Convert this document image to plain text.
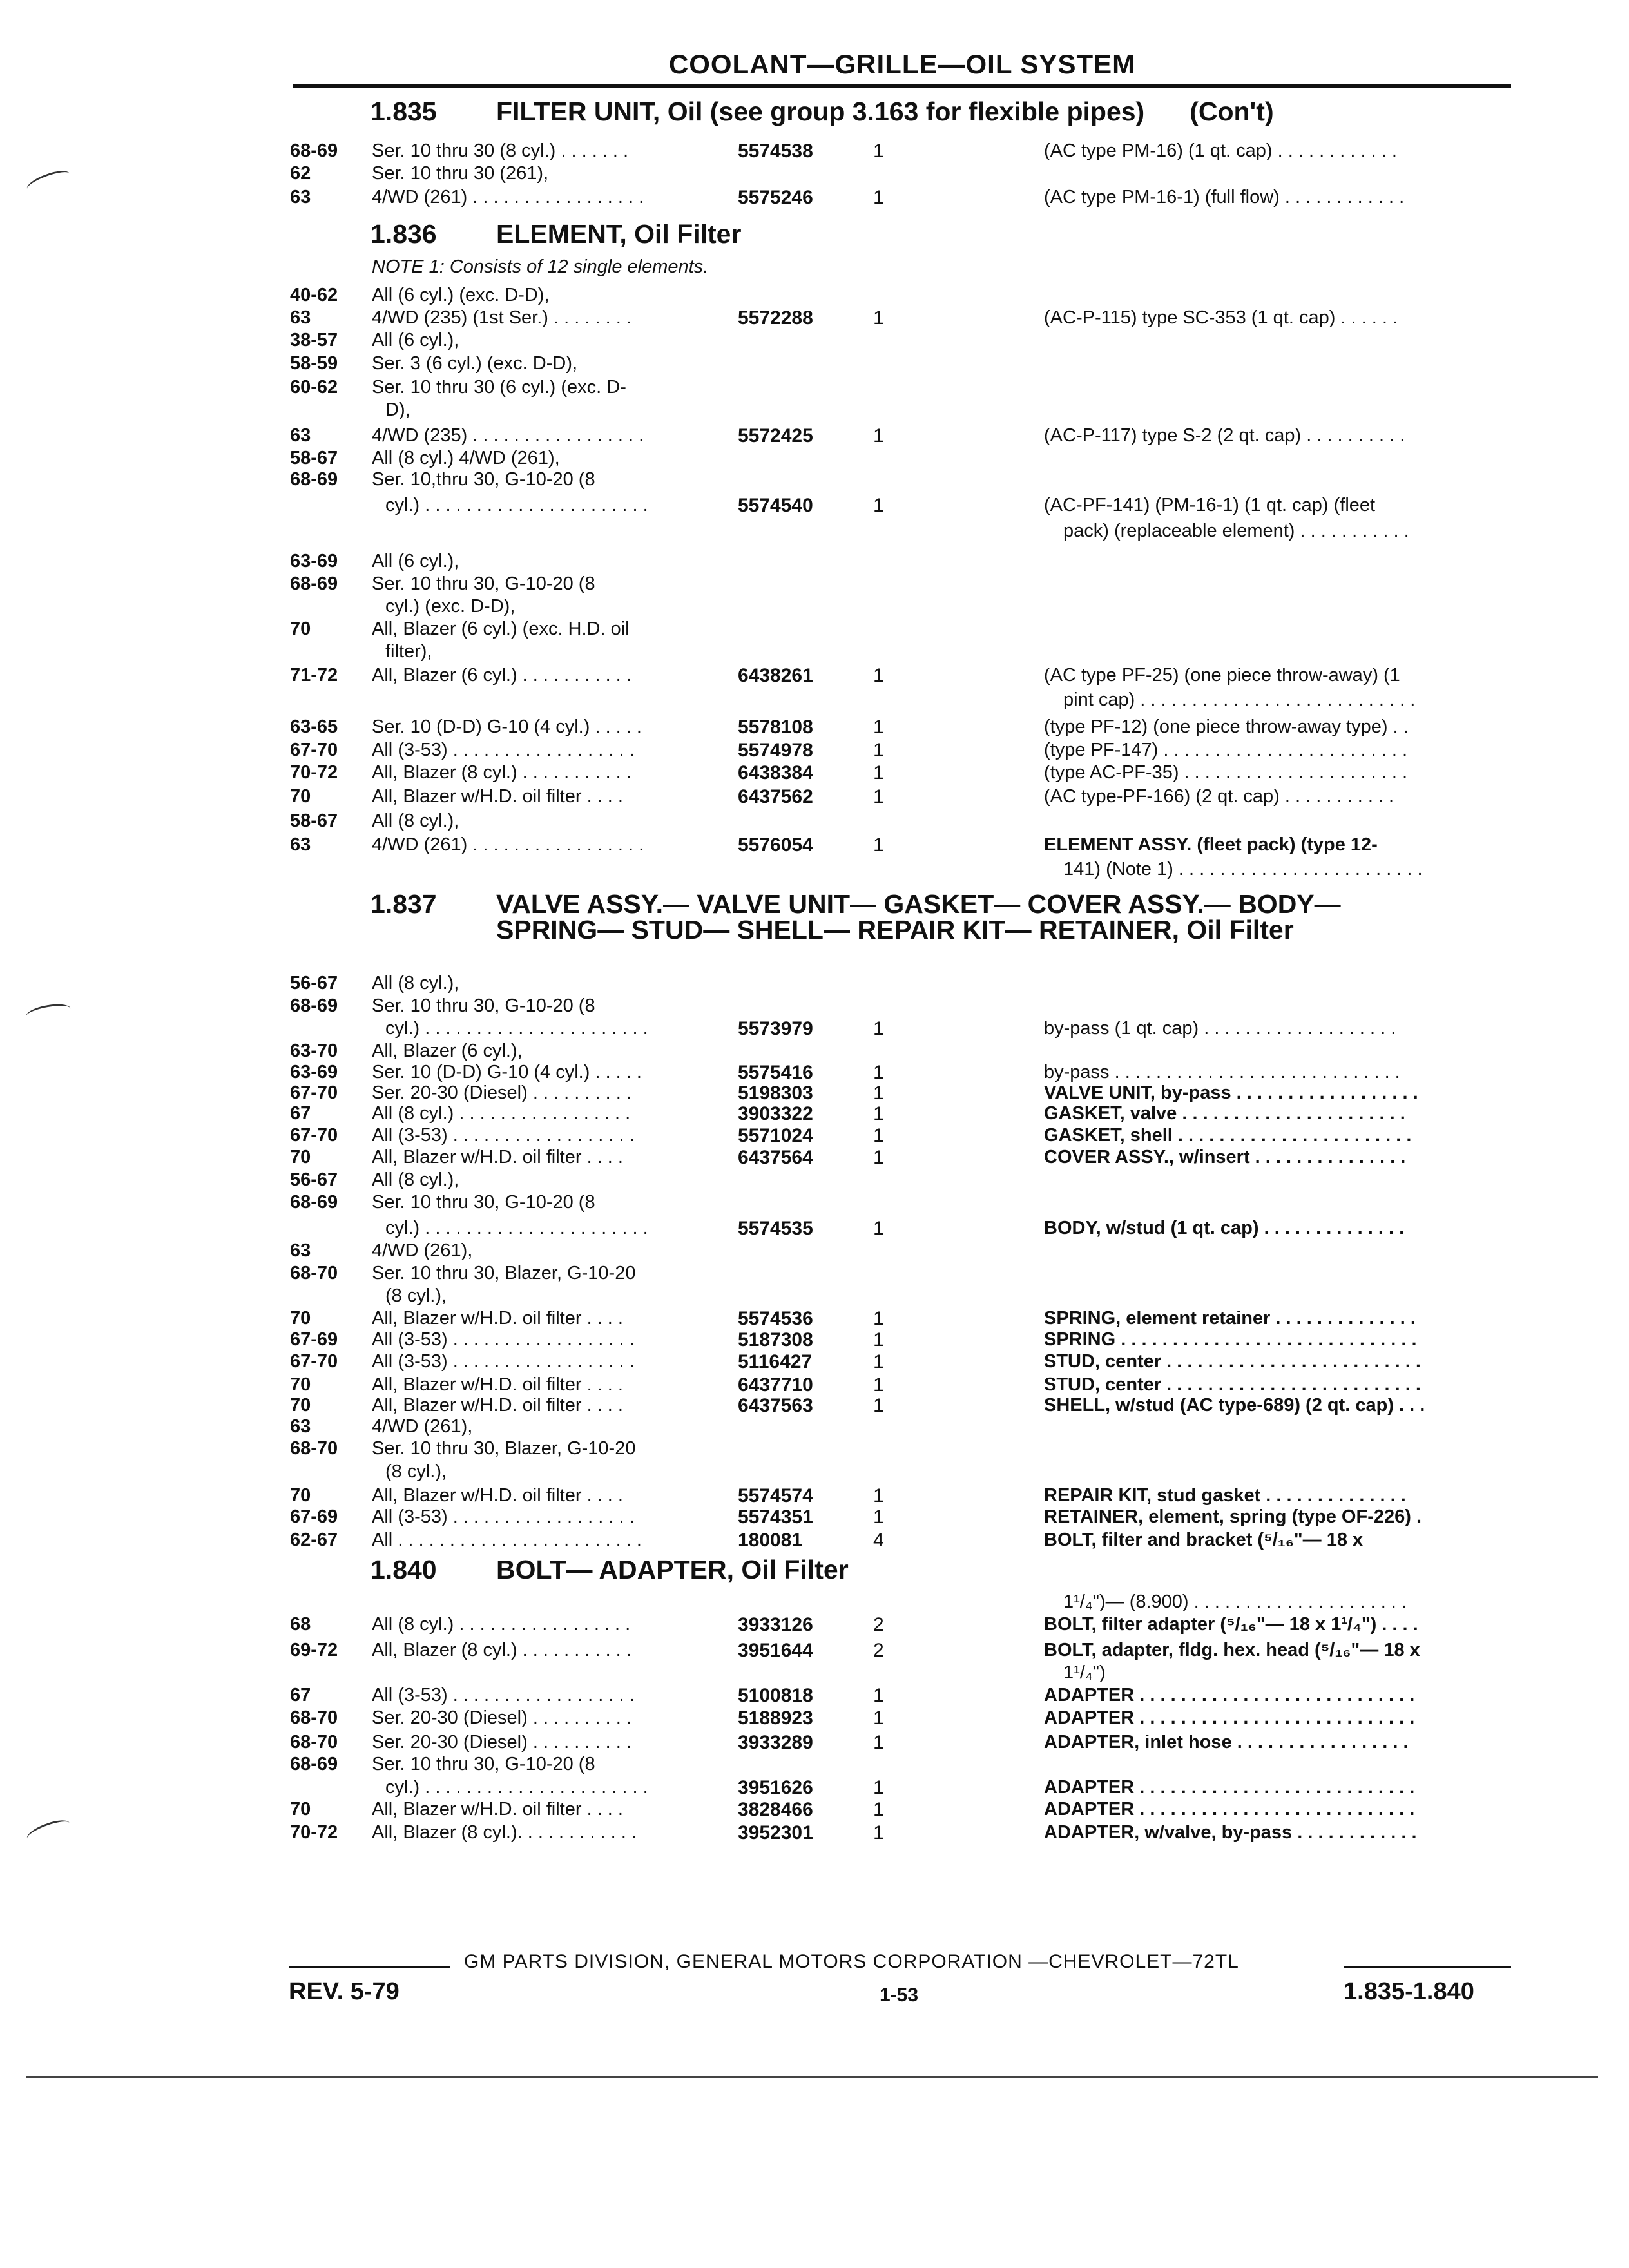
COOLANT—GRILLE—OIL SYSTEM
1.835 FILTER UNIT, Oil (see group 3.163 for flexible pipes) (Con't)
1.836 ELEMENT, Oil Filter
NOTE 1: Consists of 12 single elements.
1.837 VALVE ASSY.— VALVE UNIT— GASKET— COVER ASSY.— BODY—
SPRING— STUD— SHELL— REPAIR KIT— RETAINER, Oil Filter
1.840 BOLT— ADAPTER, Oil Filter
68-69 Ser. 10 thru 30 (8 cyl.) . . . . . . .	5574538	1	(AC type PM-16) (1 qt. cap) . . . . . . . . . . . .
62	Ser. 10 thru 30 (261),
63	4/WD (261) . . . . . . . . . . . . . . . . .	5575246	1	(AC type PM-16-1) (full flow) . . . . . . . . . . . .
40-62 All (6 cyl.) (exc. D-D),
63	4/WD (235) (1st Ser.) . . . . . . . .	5572288	1	(AC-P-115) type SC-353 (1 qt. cap) . . . . . .
38-57 All (6 cyl.),
58-59 Ser. 3 (6 cyl.) (exc. D-D),
60-62 Ser. 10 thru 30 (6 cyl.) (exc. D-
D),
63	4/WD (235) . . . . . . . . . . . . . . . . .	5572425	1	(AC-P-117) type S-2 (2 qt. cap) . . . . . . . . . .
58-67 All (8 cyl.) 4/WD (261),
68-69 Ser. 10,thru 30, G-10-20 (8
cyl.) . . . . . . . . . . . . . . . . . . . . . .	5574540	1	(AC-PF-141) (PM-16-1) (1 qt. cap) (fleet
pack) (replaceable element) . . . . . . . . . . .
63-69 All (6 cyl.),
68-69 Ser. 10 thru 30, G-10-20 (8
cyl.) (exc. D-D),
70	All, Blazer (6 cyl.) (exc. H.D. oil
filter),
71-72 All, Blazer (6 cyl.) . . . . . . . . . . .	6438261	1	(AC type PF-25) (one piece throw-away) (1
pint cap) . . . . . . . . . . . . . . . . . . . . . . . . . . .
63-65 Ser. 10 (D-D) G-10 (4 cyl.) . . . . .	5578108	1	(type PF-12) (one piece throw-away type) . .
67-70 All (3-53) . . . . . . . . . . . . . . . . . .	5574978	1	(type PF-147) . . . . . . . . . . . . . . . . . . . . . . . .
70-72 All, Blazer (8 cyl.) . . . . . . . . . . .	6438384	1	(type AC-PF-35) . . . . . . . . . . . . . . . . . . . . . .
70	All, Blazer w/H.D. oil filter . . . .	6437562	1	(AC type-PF-166) (2 qt. cap) . . . . . . . . . . .
58-67 All (8 cyl.),
63	4/WD (261) . . . . . . . . . . . . . . . . .	5576054	1	ELEMENT ASSY. (fleet pack) (type 12-
141) (Note 1) . . . . . . . . . . . . . . . . . . . . . . . .
56-67 All (8 cyl.),
68-69 Ser. 10 thru 30, G-10-20 (8
cyl.) . . . . . . . . . . . . . . . . . . . . . .	5573979	1	by-pass (1 qt. cap) . . . . . . . . . . . . . . . . . . .
63-70 All, Blazer (6 cyl.),
63-69 Ser. 10 (D-D) G-10 (4 cyl.) . . . . .	5575416	1	by-pass . . . . . . . . . . . . . . . . . . . . . . . . . . . .
67-70 Ser. 20-30 (Diesel) . . . . . . . . . .	5198303	1	VALVE UNIT, by-pass . . . . . . . . . . . . . . . . . .
67	All (8 cyl.) . . . . . . . . . . . . . . . . .	3903322	1	GASKET, valve . . . . . . . . . . . . . . . . . . . . . .
67-70 All (3-53) . . . . . . . . . . . . . . . . . .	5571024	1	GASKET, shell . . . . . . . . . . . . . . . . . . . . . . .
70	All, Blazer w/H.D. oil filter . . . .	6437564	1	COVER ASSY., w/insert . . . . . . . . . . . . . . .
56-67 All (8 cyl.),
68-69 Ser. 10 thru 30, G-10-20 (8
cyl.) . . . . . . . . . . . . . . . . . . . . . .	5574535	1	BODY, w/stud (1 qt. cap) . . . . . . . . . . . . . .
63	4/WD (261),
68-70 Ser. 10 thru 30, Blazer, G-10-20
(8 cyl.),
70	All, Blazer w/H.D. oil filter . . . .	5574536	1	SPRING, element retainer . . . . . . . . . . . . . .
67-69 All (3-53) . . . . . . . . . . . . . . . . . .	5187308	1	SPRING . . . . . . . . . . . . . . . . . . . . . . . . . . . . .
67-70 All (3-53) . . . . . . . . . . . . . . . . . .	5116427	1	STUD, center . . . . . . . . . . . . . . . . . . . . . . . . .
70	All, Blazer w/H.D. oil filter . . . .	6437710	1	STUD, center . . . . . . . . . . . . . . . . . . . . . . . . .
70	All, Blazer w/H.D. oil filter . . . .	6437563	1	SHELL, w/stud (AC type-689) (2 qt. cap) . . .
63	4/WD (261),
68-70 Ser. 10 thru 30, Blazer, G-10-20
(8 cyl.),
70	All, Blazer w/H.D. oil filter . . . .	5574574	1	REPAIR KIT, stud gasket . . . . . . . . . . . . . .
67-69 All (3-53) . . . . . . . . . . . . . . . . . .	5574351	1	RETAINER, element, spring (type OF-226) .
62-67 All . . . . . . . . . . . . . . . . . . . . . . . .	180081	4	BOLT, filter and bracket (⁵/₁₆"— 18 x
1¹/₄")— (8.900) . . . . . . . . . . . . . . . . . . . . .
68	All (8 cyl.) . . . . . . . . . . . . . . . . .	3933126	2	BOLT, filter adapter (⁵/₁₆"— 18 x 1¹/₄") . . . .
69-72 All, Blazer (8 cyl.) . . . . . . . . . . .	3951644	2	BOLT, adapter, fldg. hex. head (⁵/₁₆"— 18 x
1¹/₄")
67	All (3-53) . . . . . . . . . . . . . . . . . .	5100818	1	ADAPTER . . . . . . . . . . . . . . . . . . . . . . . . . . .
68-70 Ser. 20-30 (Diesel) . . . . . . . . . .	5188923	1	ADAPTER . . . . . . . . . . . . . . . . . . . . . . . . . . .
68-70 Ser. 20-30 (Diesel) . . . . . . . . . .	3933289	1	ADAPTER, inlet hose . . . . . . . . . . . . . . . . .
68-69 Ser. 10 thru 30, G-10-20 (8
cyl.) . . . . . . . . . . . . . . . . . . . . . .	3951626	1	ADAPTER . . . . . . . . . . . . . . . . . . . . . . . . . . .
70	All, Blazer w/H.D. oil filter . . . .	3828466	1	ADAPTER . . . . . . . . . . . . . . . . . . . . . . . . . . .
70-72 All, Blazer (8 cyl.). . . . . . . . . . . .	3952301	1	ADAPTER, w/valve, by-pass . . . . . . . . . . . .
GM PARTS DIVISION, GENERAL MOTORS CORPORATION —CHEVROLET—72TL
REV. 5-79	1-53	1.835-1.840
